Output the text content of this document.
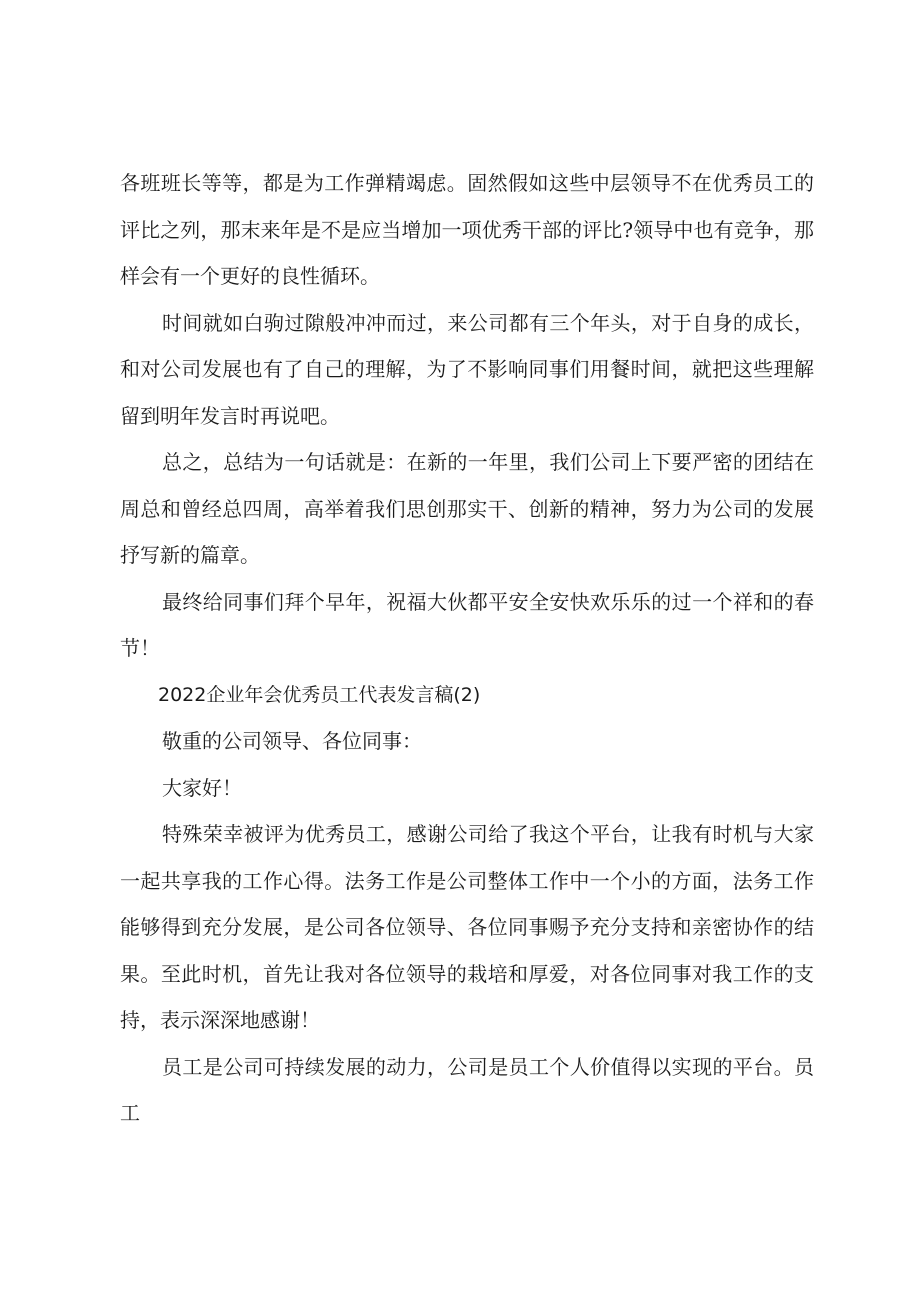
各班班长等等，都是为工作弹精竭虑。固然假如这些中层领导不在优秀员工的评比之列，那末来年是不是应当增加一项优秀干部的评比?领导中也有竞争，那样会有一个更好的良性循环。

时间就如白驹过隙般冲冲而过，来公司都有三个年头，对于自身的成长，和对公司发展也有了自己的理解，为了不影响同事们用餐时间，就把这些理解留到明年发言时再说吧。

总之，总结为一句话就是：在新的一年里，我们公司上下要严密的团结在周总和曾经总四周，高举着我们思创那实干、创新的精神，努力为公司的发展抒写新的篇章。

最终给同事们拜个早年，祝福大伙都平安全安快欢乐乐的过一个祥和的春节！

2022企业年会优秀员工代表发言稿(2)

敬重的公司领导、各位同事：

大家好！

特殊荣幸被评为优秀员工，感谢公司给了我这个平台，让我有时机与大家一起共享我的工作心得。法务工作是公司整体工作中一个小的方面，法务工作能够得到充分发展，是公司各位领导、各位同事赐予充分支持和亲密协作的结果。至此时机，首先让我对各位领导的栽培和厚爱，对各位同事对我工作的支持，表示深深地感谢！

员工是公司可持续发展的动力，公司是员工个人价值得以实现的平台。员工
